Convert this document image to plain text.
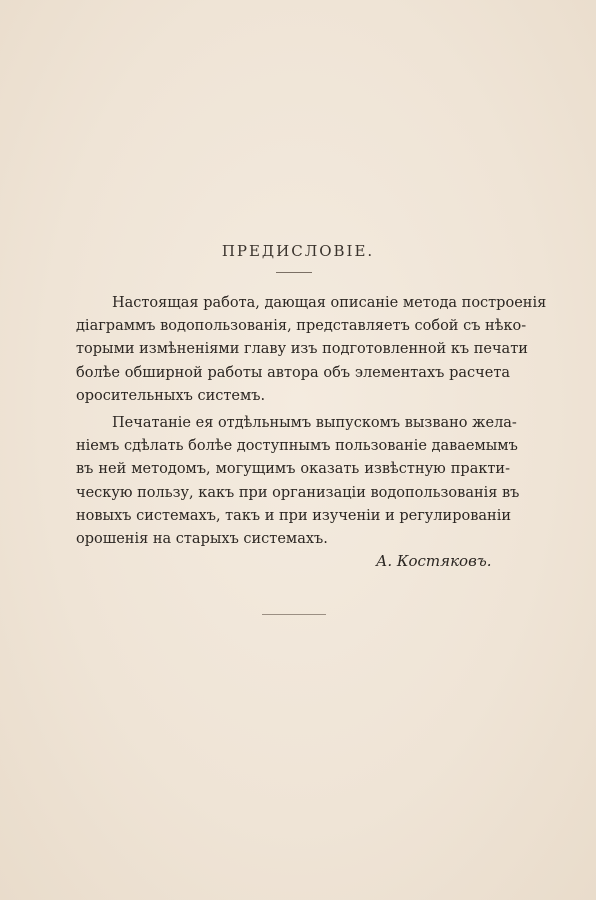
ПРЕДИСЛОВІЕ.
Настоящая работа, дающая описаніе метода построенія
діаграммъ водопользованія, представляетъ собой съ нѣко-
торыми измѣненіями главу изъ подготовленной къ печати
болѣе обширной работы автора объ элементахъ расчета
оросительныхъ системъ.
Печатаніе ея отдѣльнымъ выпускомъ вызвано желa-
ніемъ сдѣлать болѣе доступнымъ пользованіе даваемымъ
въ ней методомъ, могущимъ оказать извѣстную практи-
ческую пользу, какъ при организаціи водопользованія въ
новыхъ системахъ, такъ и при изученіи и регулированіи
орошенія на старыхъ системахъ.
А. Костяковъ.
